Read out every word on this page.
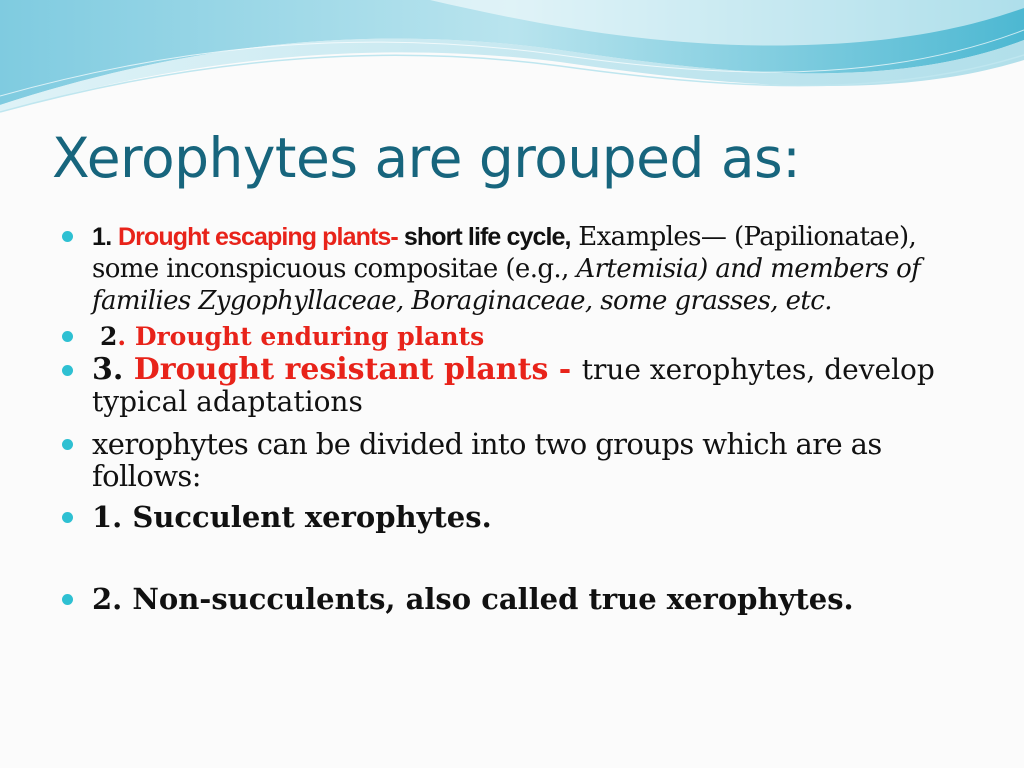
Xerophytes are grouped as:
1. Drought escaping plants- short life cycle, Examples— (Papilionatae), some inconspicuous compositae (e.g., Artemisia) and members of families Zygophyllaceae, Boraginaceae, some grasses, etc.
2. Drought enduring plants
3. Drought resistant plants - true xerophytes, develop typical adaptations
xerophytes can be divided into two groups which are as follows:
1. Succulent xerophytes.
2. Non-succulents, also called true xerophytes.
